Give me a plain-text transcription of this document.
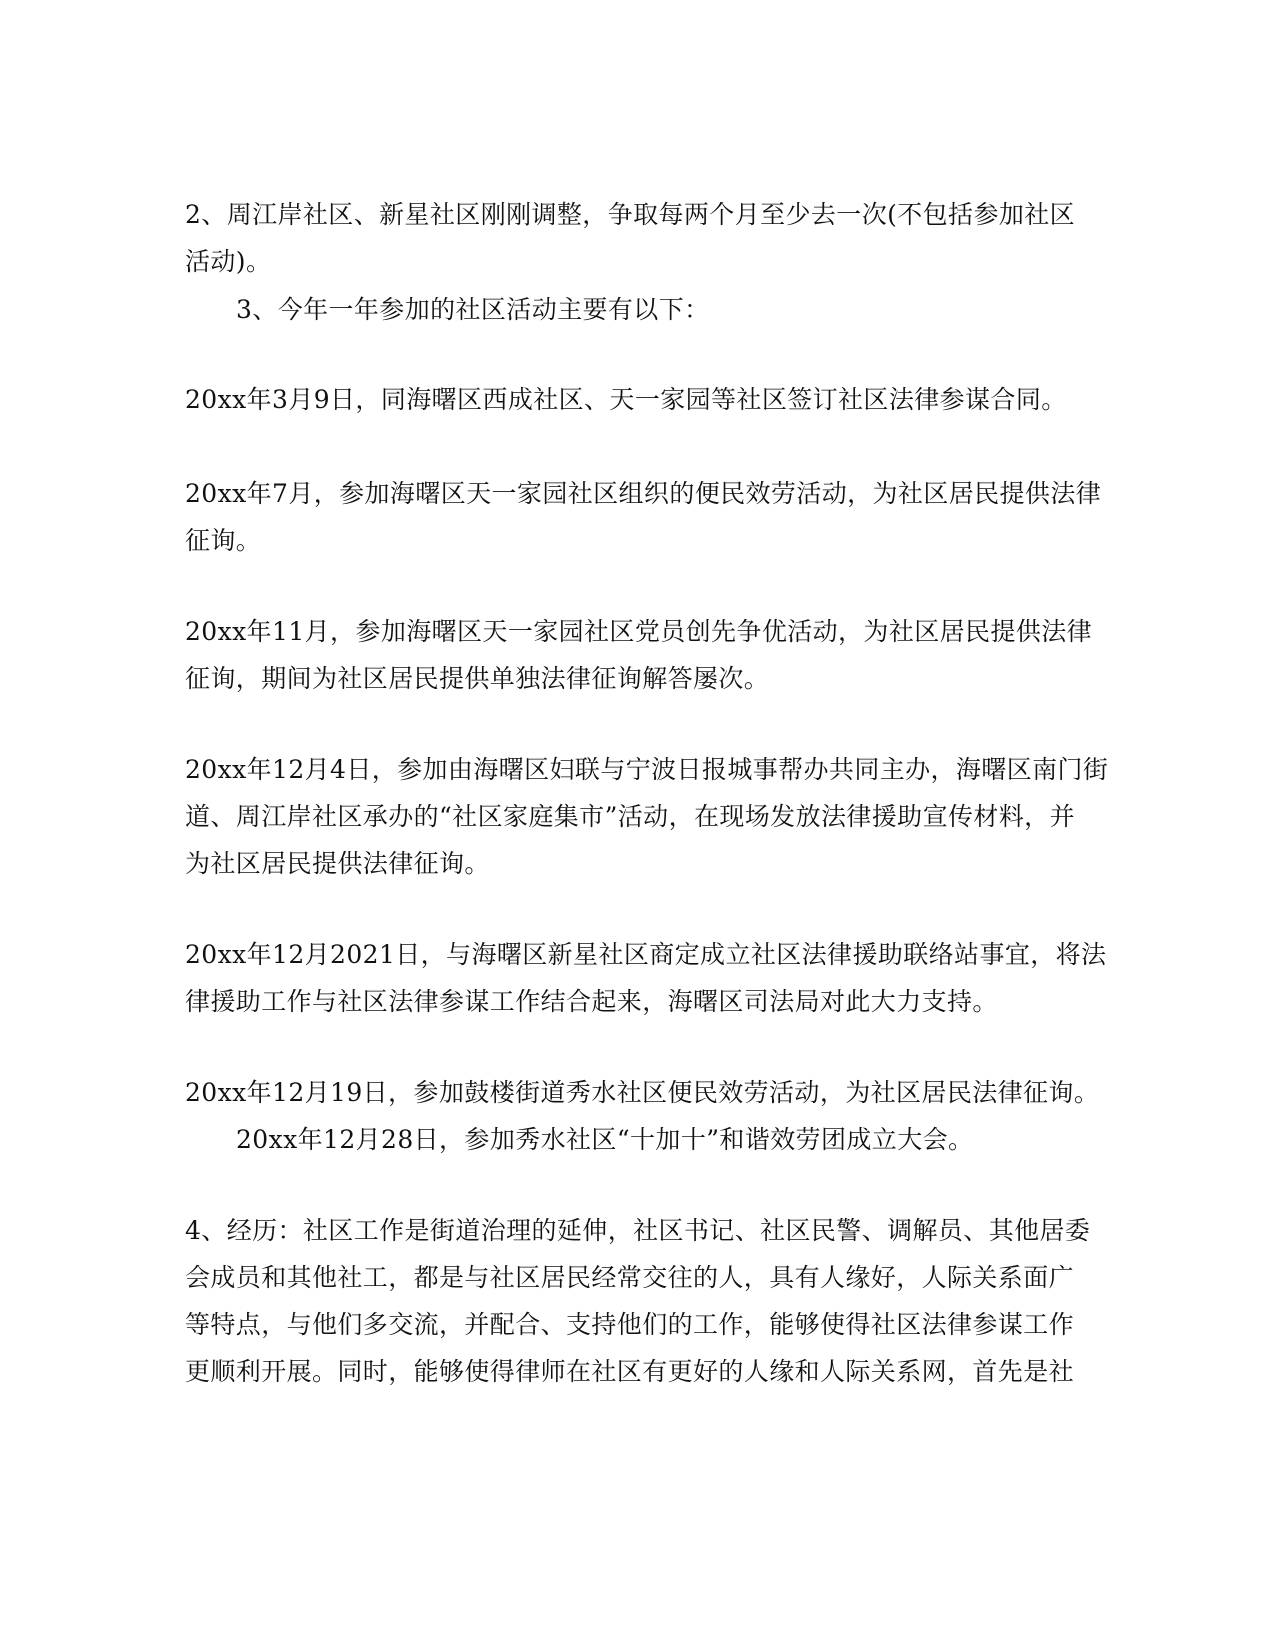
2、周江岸社区、新星社区刚刚调整，争取每两个月至少去一次(不包括参加社区

活动)。

3、今年一年参加的社区活动主要有以下：

20xx年3月9日，同海曙区西成社区、天一家园等社区签订社区法律参谋合同。

20xx年7月，参加海曙区天一家园社区组织的便民效劳活动，为社区居民提供法律

征询。

20xx年11月，参加海曙区天一家园社区党员创先争优活动，为社区居民提供法律

征询，期间为社区居民提供单独法律征询解答屡次。

20xx年12月4日，参加由海曙区妇联与宁波日报城事帮办共同主办，海曙区南门街

道、周江岸社区承办的“社区家庭集市”活动，在现场发放法律援助宣传材料，并

为社区居民提供法律征询。

20xx年12月2021日，与海曙区新星社区商定成立社区法律援助联络站事宜，将法

律援助工作与社区法律参谋工作结合起来，海曙区司法局对此大力支持。

20xx年12月19日，参加鼓楼街道秀水社区便民效劳活动，为社区居民法律征询。

20xx年12月28日，参加秀水社区“十加十”和谐效劳团成立大会。

4、经历：社区工作是街道治理的延伸，社区书记、社区民警、调解员、其他居委

会成员和其他社工，都是与社区居民经常交往的人，具有人缘好，人际关系面广

等特点，与他们多交流，并配合、支持他们的工作，能够使得社区法律参谋工作

更顺利开展。同时，能够使得律师在社区有更好的人缘和人际关系网，首先是社
